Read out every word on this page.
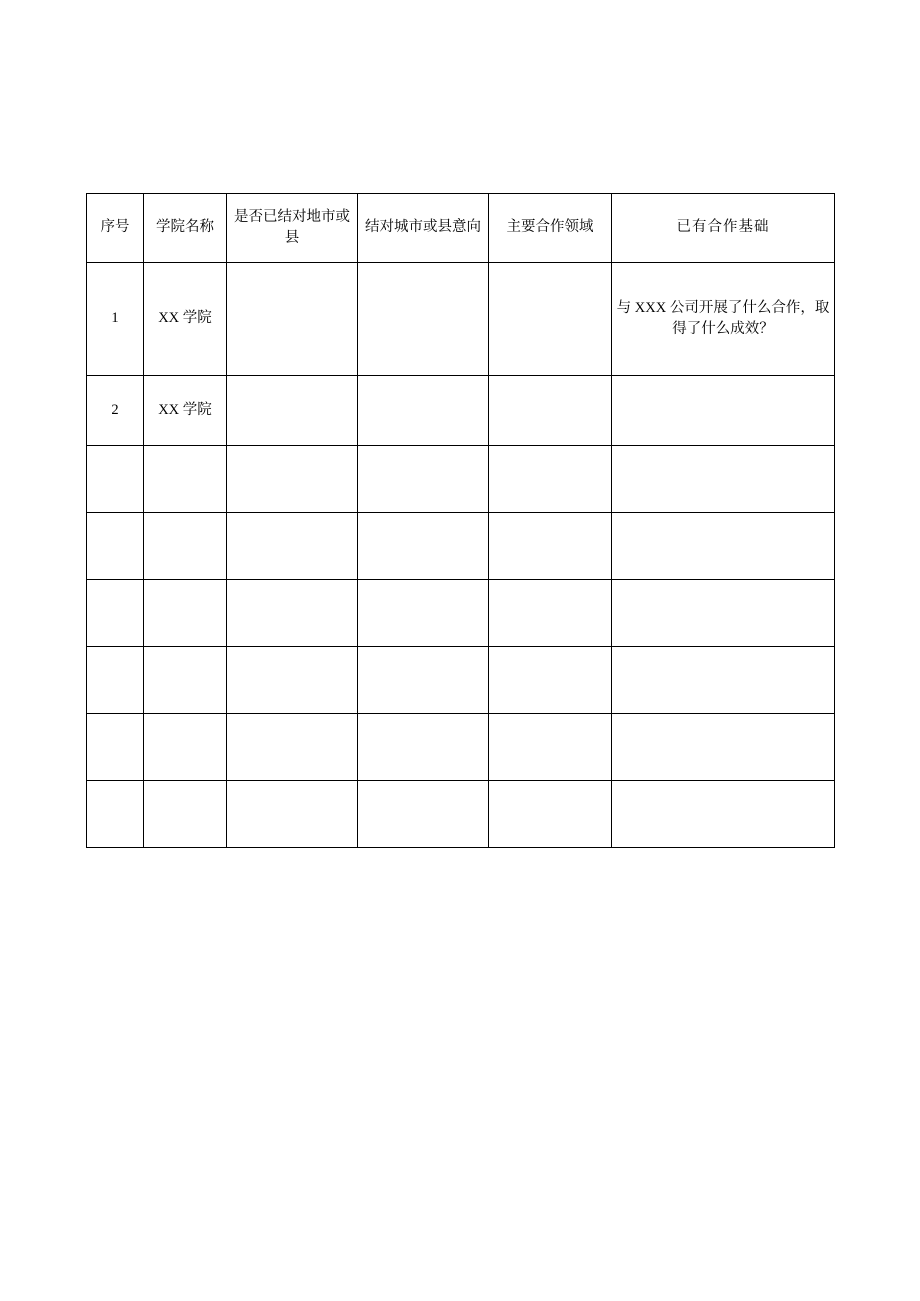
序号	学院名称	是否已结对地市或县	结对城市或县意向	主要合作领域	已有合作基础
1	XX 学院				与 XXX 公司开展了什么合作，取得了什么成效？
2	XX 学院				
